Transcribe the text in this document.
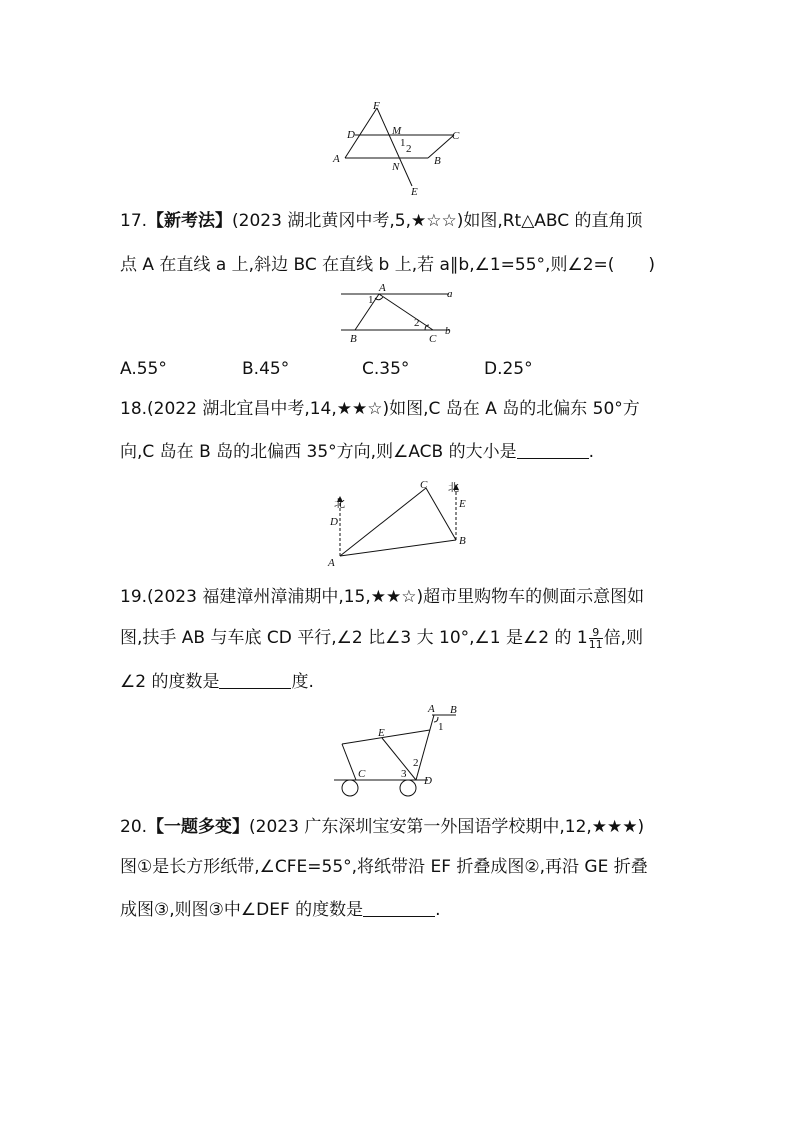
F
D	M	C
A
1 2
N	B
E
17.【新考法】(2023 湖北黄冈中考,5,★☆☆)如图,Rt△ABC 的直角顶
点 A 在直线 a 上,斜边 BC 在直线 b 上,若 a∥b,∠1=55°,则∠2=(　　)
A	a
1
2
b
B	C
A.55°	B.45°	C.35°	D.25°
18.(2022 湖北宜昌中考,14,★★☆)如图,C 岛在 A 岛的北偏东 50°方
向,C 岛在 B 岛的北偏西 35°方向,则∠ACB 的大小是	.
北
D
A
C 北
E
B
19.(2023 福建漳州漳浦期中,15,★★☆)超市里购物车的侧面示意图如
图,扶手 AB 与车底 CD 平行,∠2 比∠3 大 10°,∠1 是∠2 的 $1 \frac{9}{11}$ 倍,则
∠2 的度数是	度.
A B
1
E
2
C	3
D
20.【一题多变】(2023 广东深圳宝安第一外国语学校期中,12,★★★)
图①是长方形纸带,∠CFE=55°,将纸带沿 EF 折叠成图②,再沿 GE 折叠
成图③,则图③中∠DEF 的度数是	.
